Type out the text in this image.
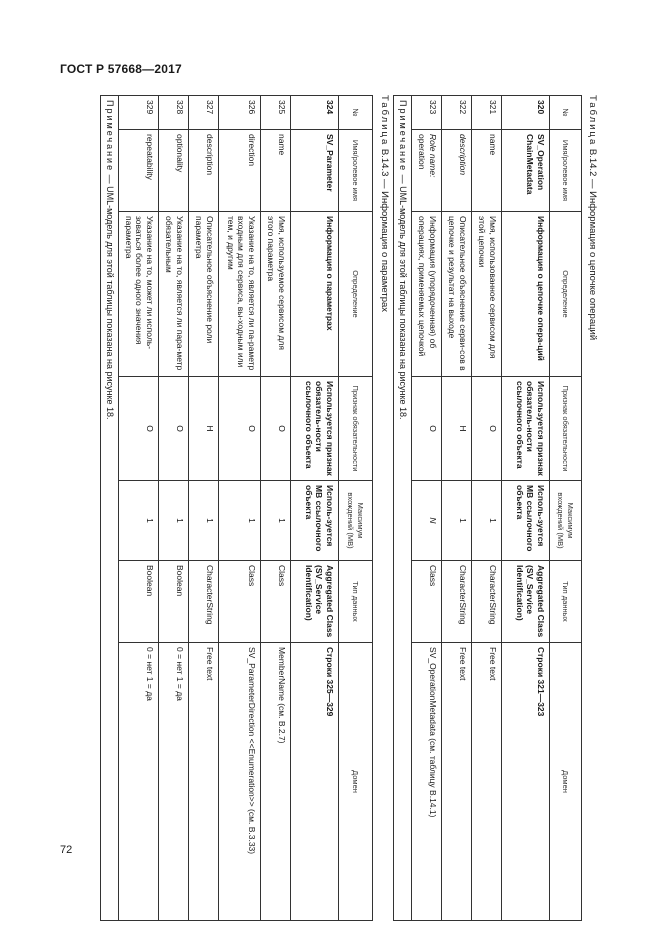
ГОСТ Р 57668—2017
72
Таблица В.14.2 — Информация о цепочке операций
№	Имя/ролевое имя	Определение	Признак обязательности	Максимум вхождений (МВ)	Тип данных	Домен
320	SV_Operation ChainMetadata	Информация о цепочке опера-ций	Используется признак обязатель-ности ссылочного объекта	Исполь-зуется МВ ссылочного объекта	Aggregated Class (SV_Service Identification)	Строки 321—323
321	name	Имя, использованное сервисом для этой цепочки	О	1	CharacterString	Free text
322	description	Описательное объяснение серви-сов в цепочке и результат на выходе	Н	1	CharacterString	Free text
323	Role name: operation	Информация (упорядоченная) об операциях, применяемых цепочкой	О	N	Class	SV_OperationMetadata (см. таблицу В.14.1)
Примечание — UML-модель для этой таблицы показана на рисунке 18.						
Таблица В.14.3 — Информация о параметрах
№	Имя/ролевое имя	Определение	Признак обязательности	Максимум вхождений (МВ)	Тип данных	Домен
324	SV_Parameter	Информация о параметрах	Используется признак обязатель-ности ссылочного объекта	Исполь-зуется МВ ссылочного объекта	Aggregated Class (SV_Service Identification)	Строки 325—329
325	name	Имя, используемое сервисом для этого параметра	О	1	Class	MemberName (см. В.2.7)
326	direction	Указание на то, является ли па-раметр входным для сервиса, вы-ходным или тем, и другим	О	1	Class	SV_ParameterDirection <<Enumeration>> (см. В.3.33)
327	description	Описательное объяснение роли параметра	Н	1	CharacterString	Free text
328	optionality	Указание на то, является ли пара-метр обязательным	О	1	Boolean	0 = нет 1 = да
329	repeatability	Указание на то, может ли исполь-зоваться более одного значения параметра	О	1	Boolean	0 = нет 1 = да
Примечание — UML-модель для этой таблицы показана на рисунке 18.						
